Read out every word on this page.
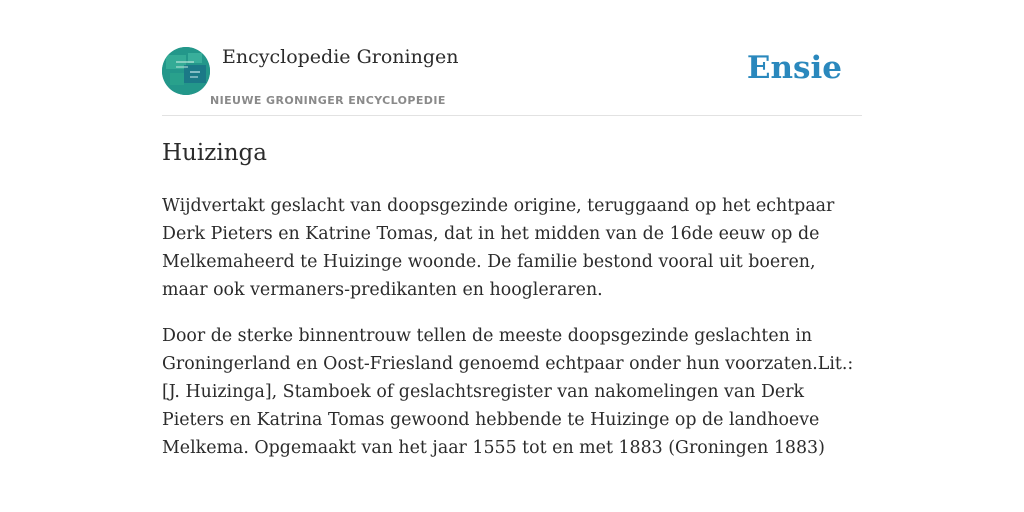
Encyclopedie Groningen
NIEUWE GRONINGER ENCYCLOPEDIE
Ensie
Huizinga

Wijdvertakt geslacht van doopsgezinde origine, teruggaand op het echtpaar Derk Pieters en Katrine Tomas, dat in het midden van de 16de eeuw op de Melkemaheerd te Huizinge woonde. De familie bestond vooral uit boeren, maar ook vermaners-predikanten en hoogleraren.

Door de sterke binnentrouw tellen de meeste doopsgezinde geslachten in Groningerland en Oost-Friesland genoemd echtpaar onder hun voorzaten.Lit.: [J. Huizinga], Stamboek of geslachtsregister van nakomelingen van Derk Pieters en Katrina Tomas gewoond hebbende te Huizinge op de landhoeve Melkema. Opgemaakt van het jaar 1555 tot en met 1883 (Groningen 1883)
